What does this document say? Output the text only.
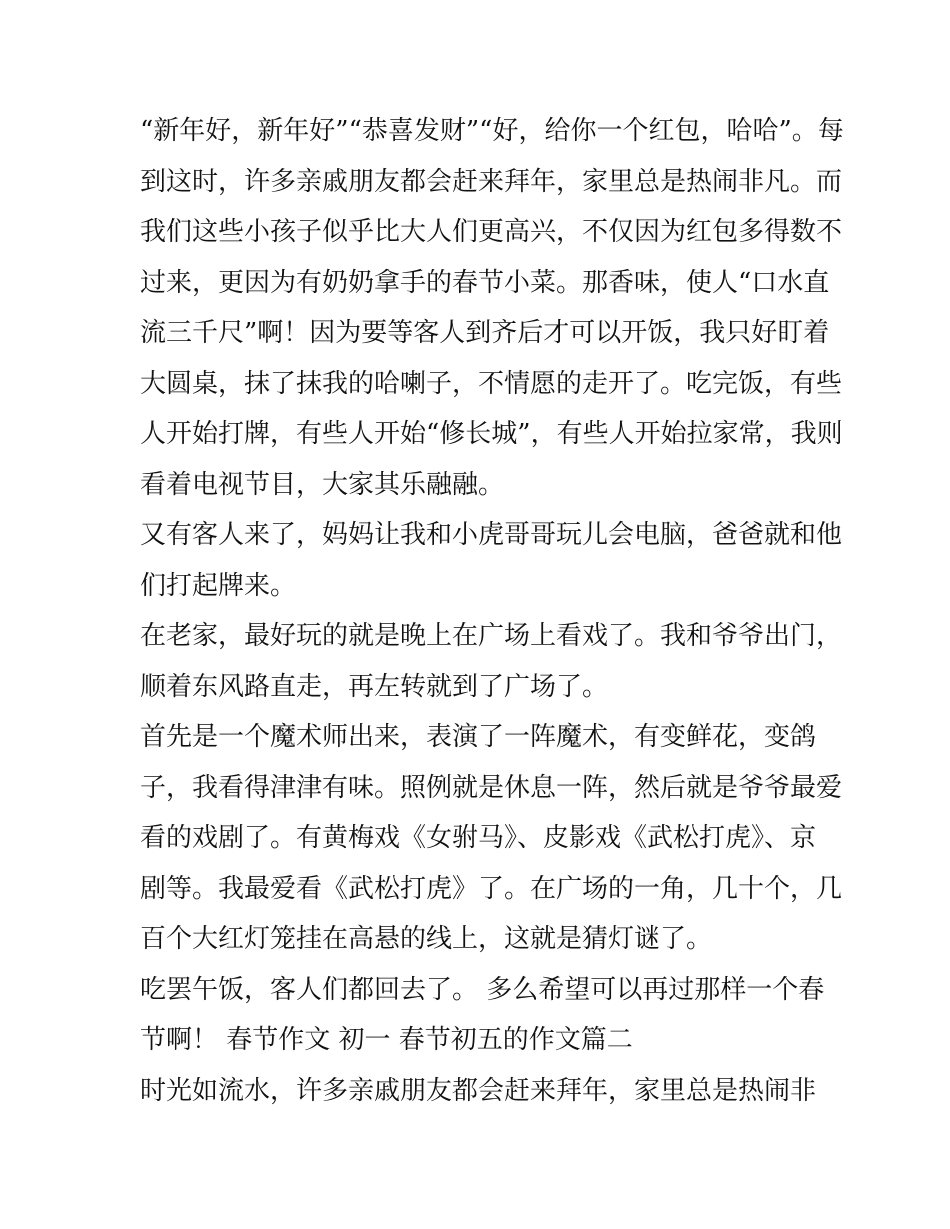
“新年好，新年好”“恭喜发财”“好，给你一个红包，哈哈”。每
到这时，许多亲戚朋友都会赶来拜年，家里总是热闹非凡。而
我们这些小孩子似乎比大人们更高兴，不仅因为红包多得数不
过来，更因为有奶奶拿手的春节小菜。那香味，使人“口水直
流三千尺”啊！因为要等客人到齐后才可以开饭，我只好盯着
大圆桌，抹了抹我的哈喇子，不情愿的走开了。吃完饭，有些
人开始打牌，有些人开始“修长城”，有些人开始拉家常，我则
看着电视节目，大家其乐融融。
又有客人来了，妈妈让我和小虎哥哥玩儿会电脑，爸爸就和他
们打起牌来。
在老家，最好玩的就是晚上在广场上看戏了。我和爷爷出门，
顺着东风路直走，再左转就到了广场了。
首先是一个魔术师出来，表演了一阵魔术，有变鲜花，变鸽
子，我看得津津有味。照例就是休息一阵，然后就是爷爷最爱
看的戏剧了。有黄梅戏《女驸马》、皮影戏《武松打虎》、京
剧等。我最爱看《武松打虎》了。在广场的一角，几十个，几
百个大红灯笼挂在高悬的线上，这就是猜灯谜了。
吃罢午饭，客人们都回去了。 多么希望可以再过那样一个春
节啊！ 春节作文 初一 春节初五的作文篇二
时光如流水，许多亲戚朋友都会赶来拜年，家里总是热闹非
